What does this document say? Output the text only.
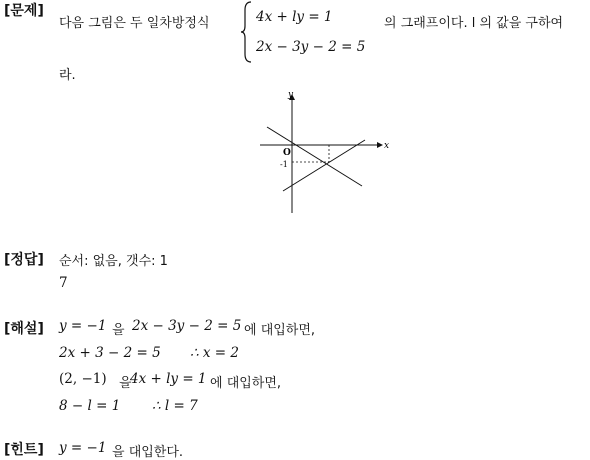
[문제]
다음 그림은 두 일차방정식	4x + ly = 1
2x − 3y − 2 = 5
의 그래프이다. l 의 값을 구하여
라.
y
x
O
-1
[정답] 순서: 없음, 갯수: 1
7
[해설] y = −1 을 2x − 3y − 2 = 5 에 대입하면,
2x + 3 − 2 = 5 ∴ x = 2
(2, −1) 을
4x + ly = 1 에 대입하면,
8 − l = 1 ∴ l = 7
[힌트] y = −1 을 대입한다.
